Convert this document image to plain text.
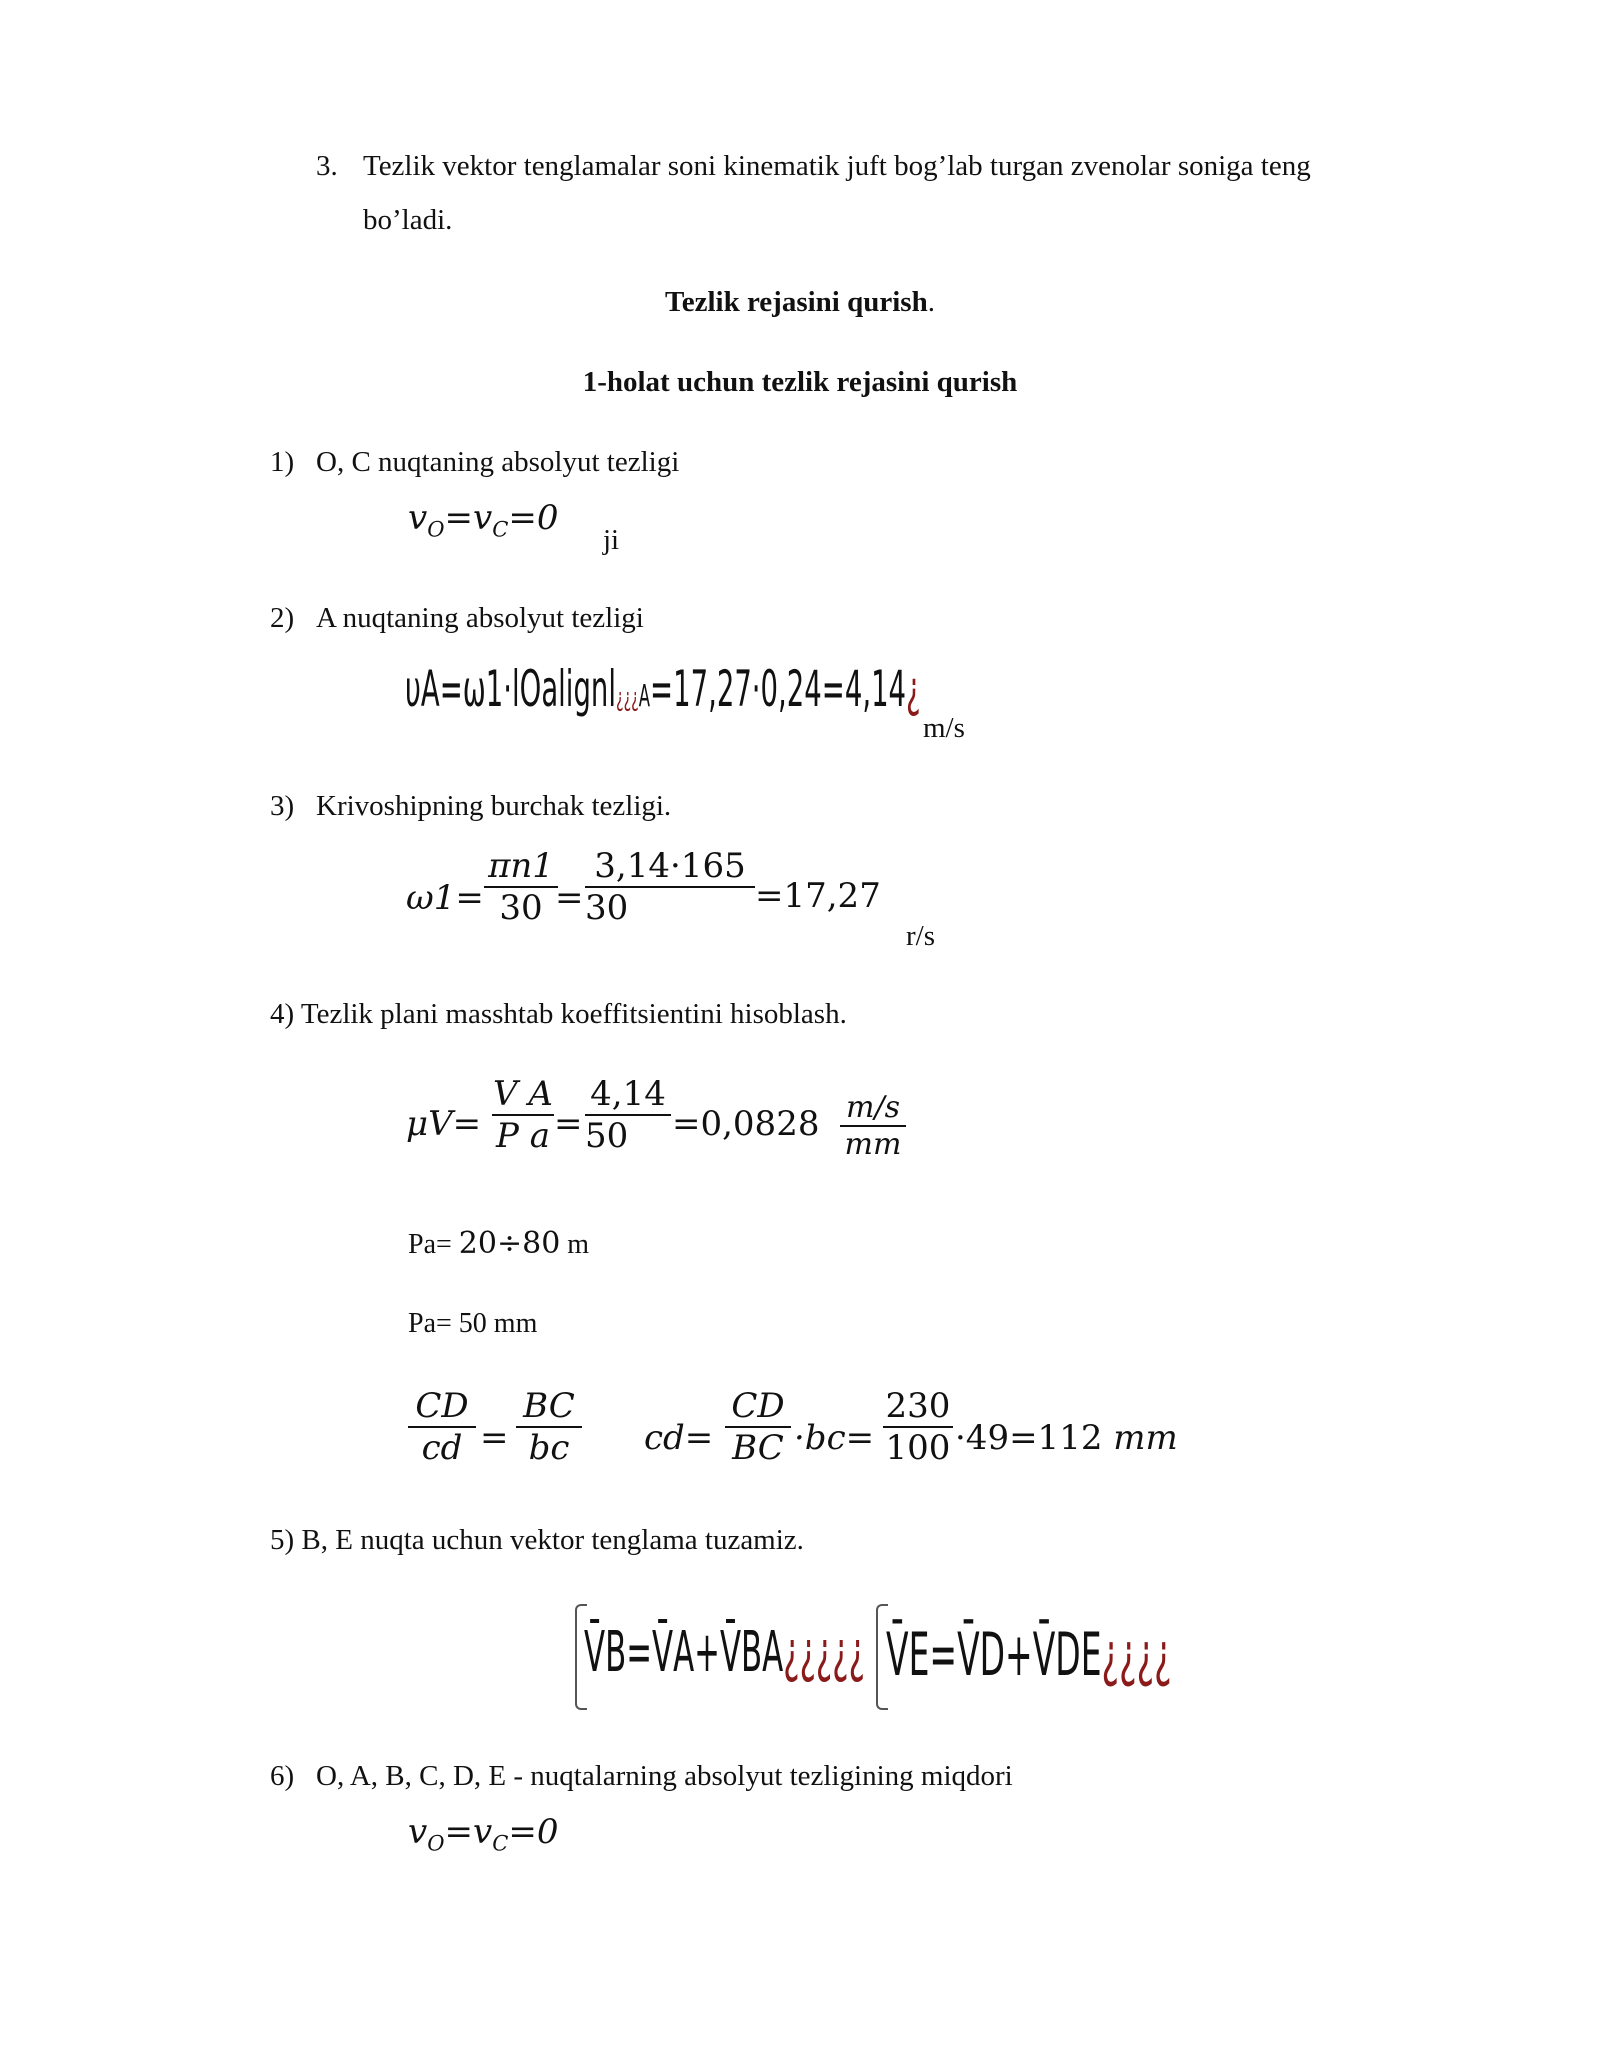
3. Tezlik vektor tenglamalar soni kinematik juft bog’lab turgan zvenolar soniga teng
bo’ladi.
Tezlik rejasini qurish.
1-holat uchun tezlik rejasini qurish
1) O, C nuqtaning absolyut tezligi
$v_O=v_C=0$
ji
2) A nuqtaning absolyut tezligi
υA=ω1·lOalignl¿¿¿A=17,27·0,24=4,14¿
m/s
3) Krivoshipning burchak tezligi.
ω1=
πn1
30 =
3,14·165
30	=17,27
r/s
4) Tezlik plani masshtab koeffitsientini hisoblash.
μV=
V A
P a =
4,14
50	=0,0828 m/s
mm
Pa= 20÷80 m
Pa= 50 mm
CD
cd =
BC
bc	cd=
CD
BC ·bc=
230
100 ·49=112 mm
5) B, E nuqta uchun vektor tenglama tuzamiz.
V̄B=V̄A+V̄BA¿¿¿¿¿ V̄E=V̄D+V̄DE¿¿¿¿
6) O, A, B, C, D, E - nuqtalarning absolyut tezligining miqdori
$v_O=v_C=0$
